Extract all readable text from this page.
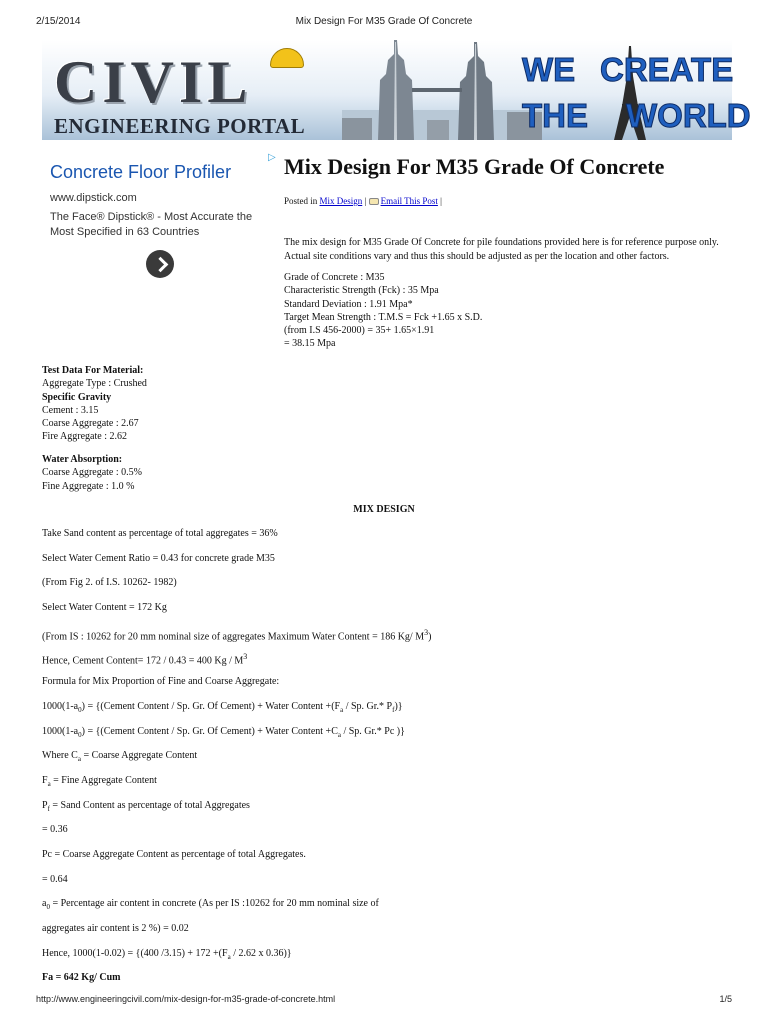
2/15/2014	Mix Design For M35 Grade Of Concrete
CIVIL
ENGINEERING PORTAL
WE CREATE
THE WORLD
▷
Concrete Floor Profiler
www.dipstick.com
The Face® Dipstick® - Most Accurate the Most Specified in 63 Countries
Mix Design For M35 Grade Of Concrete
Posted in Mix Design | Email This Post |

The mix design for M35 Grade Of Concrete for pile foundations provided here is for reference purpose only. Actual site conditions vary and thus this should be adjusted as per the location and other factors.

Grade of Concrete : M35
Characteristic Strength (Fck) : 35 Mpa
Standard Deviation : 1.91 Mpa*
Target Mean Strength : T.M.S = Fck +1.65 x S.D.
(from I.S 456-2000) = 35+ 1.65×1.91
= 38.15 Mpa
Test Data For Material:
Aggregate Type : Crushed
Specific Gravity
Cement : 3.15
Coarse Aggregate : 2.67
Fire Aggregate : 2.62
Water Absorption:
Coarse Aggregate : 0.5%
Fine Aggregate : 1.0 %
MIX DESIGN

Take Sand content as percentage of total aggregates = 36%

Select Water Cement Ratio = 0.43 for concrete grade M35

(From Fig 2. of I.S. 10262- 1982)

Select Water Content = 172 Kg

(From IS : 10262 for 20 mm nominal size of aggregates Maximum Water Content = 186 Kg/ $M^3$)

Hence, Cement Content= 172 / 0.43 = 400 Kg / $M^3$

Formula for Mix Proportion of Fine and Coarse Aggregate:

$1000(1-a_0)$ = {(Cement Content / Sp. Gr. Of Cement) + Water Content $+(F_a / Sp$. Gr.* $P_f$)}

$1000(1-a_0)$ = {(Cement Content / Sp. Gr. Of Cement) + Water Content $+C_a / Sp$. Gr.* Pc )}

Where $C_a$ = Coarse Aggregate Content

$F_a$ = Fine Aggregate Content

$P_f$ = Sand Content as percentage of total Aggregates

= 0.36

Pc = Coarse Aggregate Content as percentage of total Aggregates.

= 0.64

$a_0$ = Percentage air content in concrete (As per IS :10262 for 20 mm nominal size of

aggregates air content is 2 %) = 0.02

Hence, 1000(1-0.02) = {(400 $/3.15) + 172 +(F_a / 2.62$ x 0.36)}

Fa = 642 Kg/ Cum

http://www.engineeringcivil.com/mix-design-for-m35-grade-of-concrete.html	1/5
